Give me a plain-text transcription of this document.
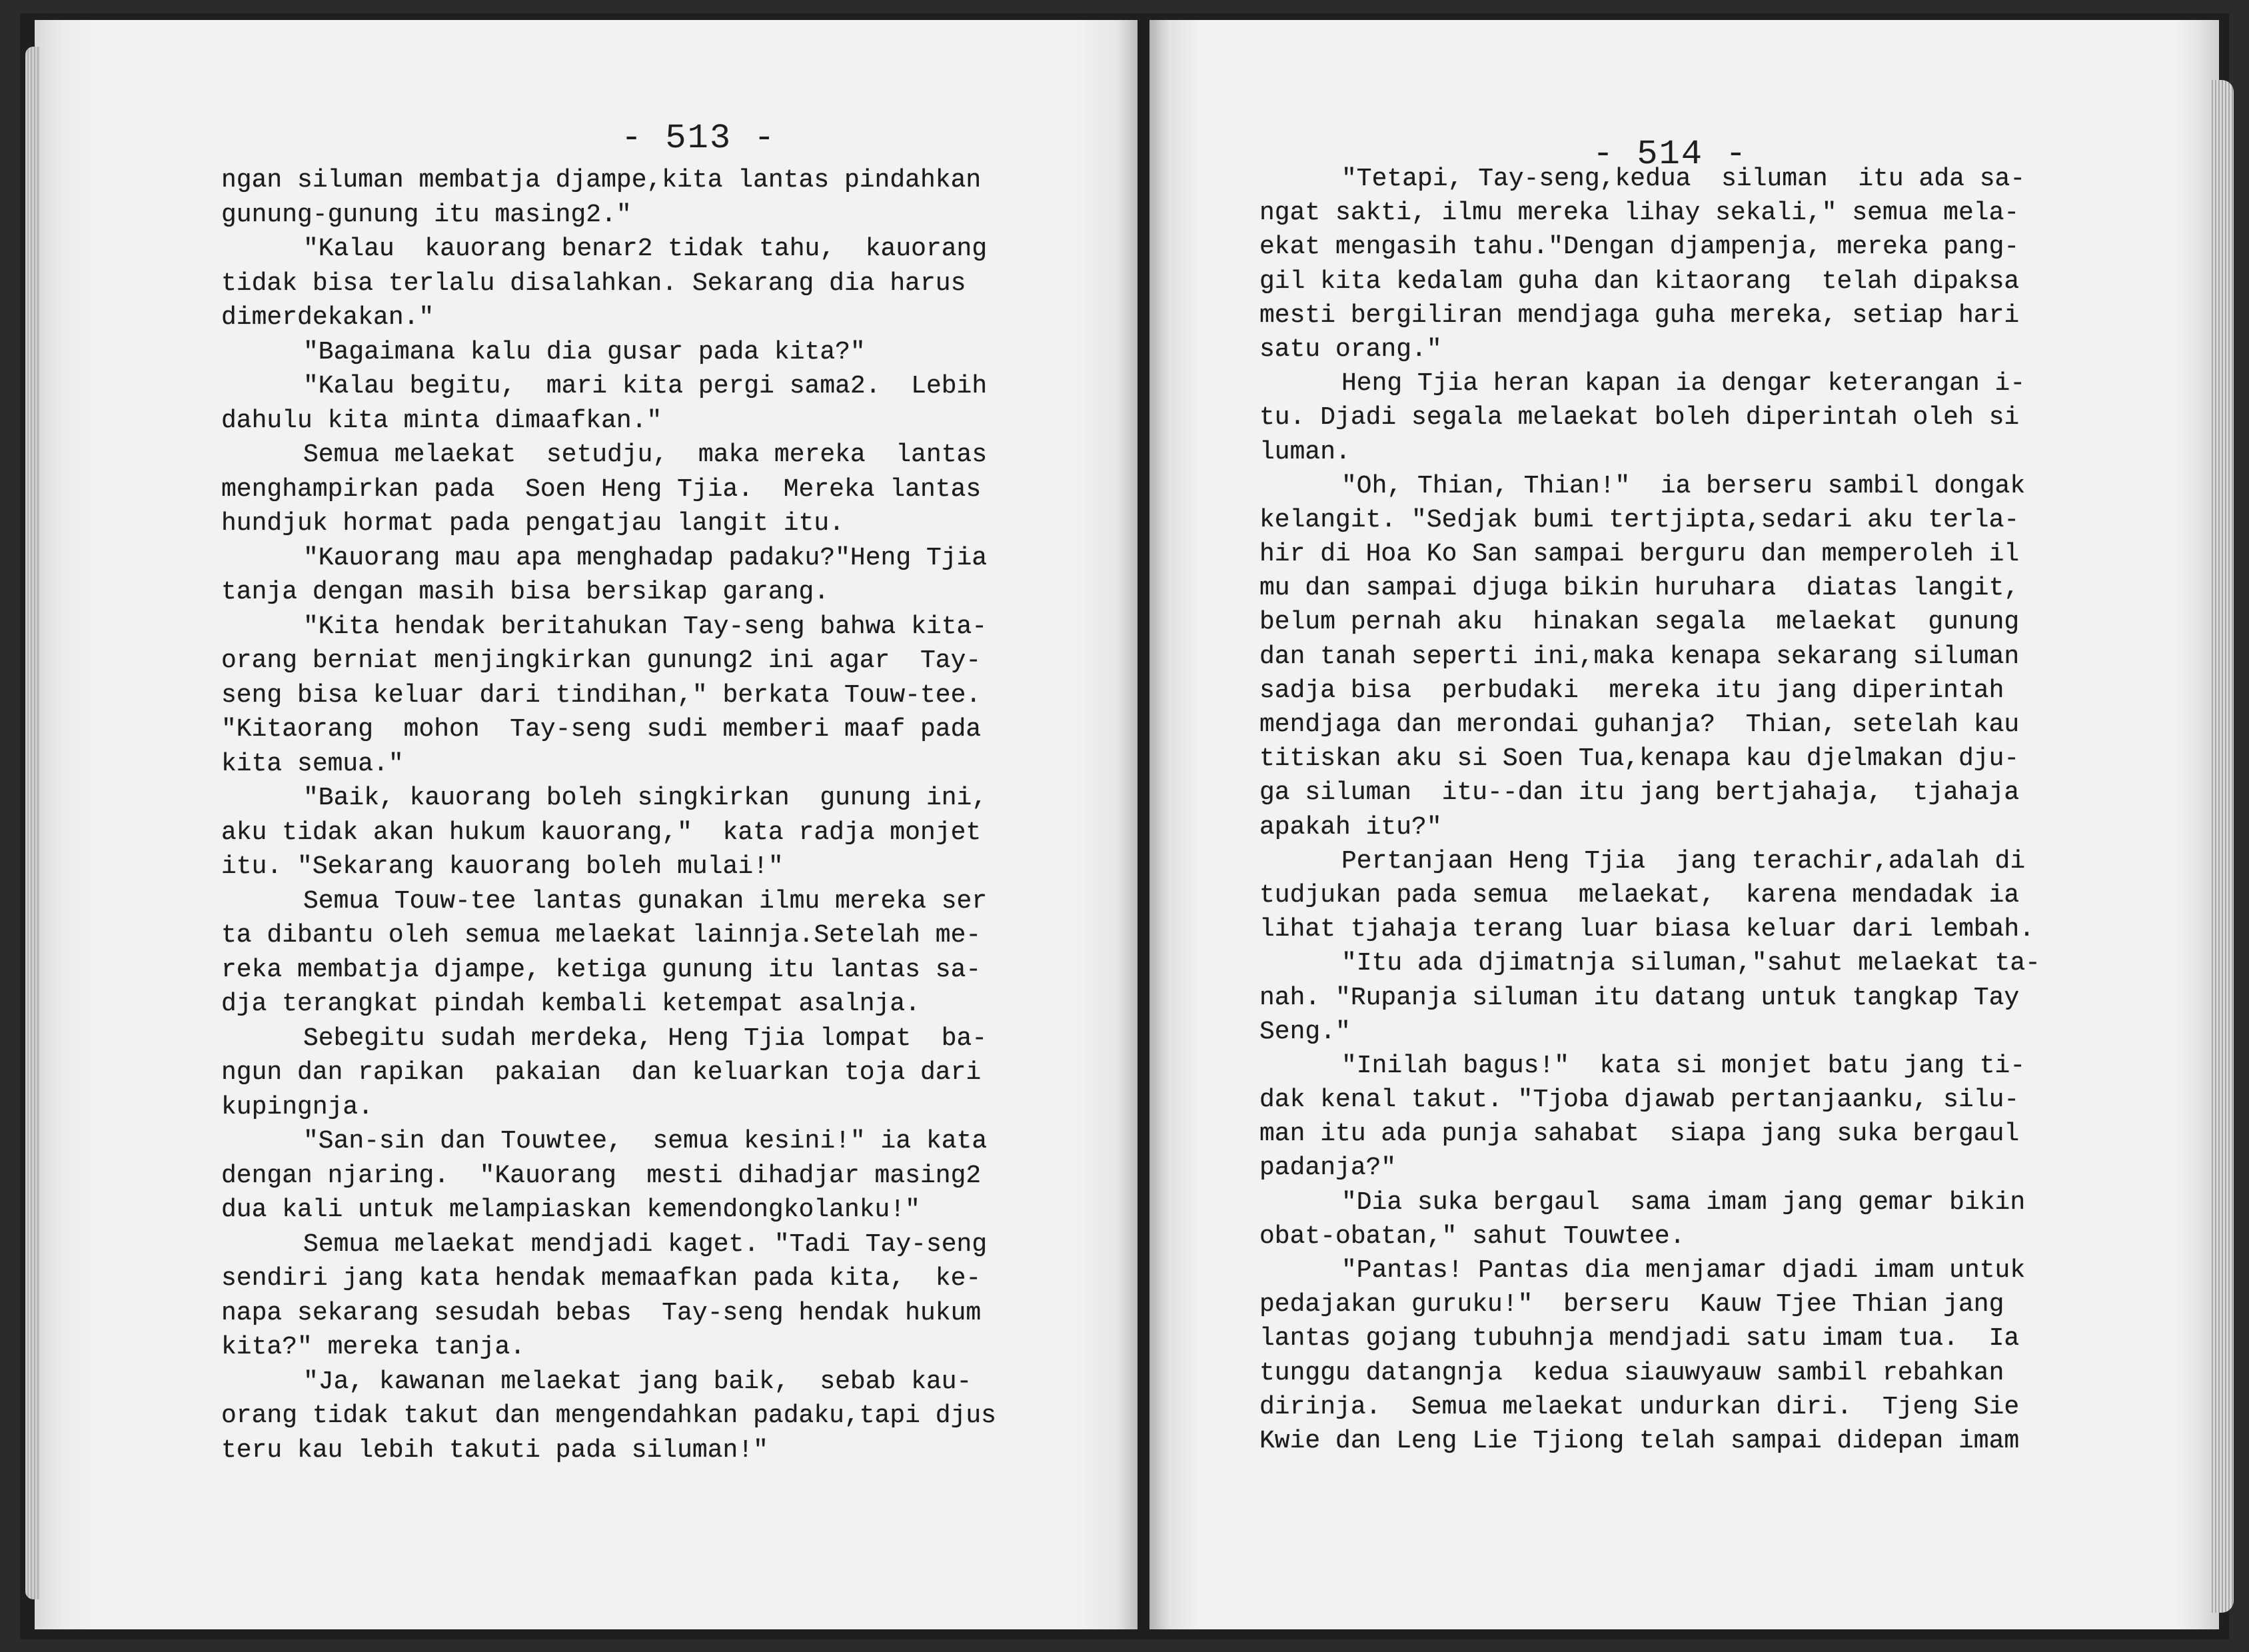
- 513 -
ngan siluman membatja djampe,kita lantas pindahkan
gunung-gunung itu masing2."
"Kalau  kauorang benar2 tidak tahu,  kauorang
tidak bisa terlalu disalahkan. Sekarang dia harus
dimerdekakan."
"Bagaimana kalu dia gusar pada kita?"
"Kalau begitu,  mari kita pergi sama2.  Lebih
dahulu kita minta dimaafkan."
Semua melaekat  setudju,  maka mereka  lantas
menghampirkan pada  Soen Heng Tjia.  Mereka lantas
hundjuk hormat pada pengatjau langit itu.
"Kauorang mau apa menghadap padaku?"Heng Tjia
tanja dengan masih bisa bersikap garang.
"Kita hendak beritahukan Tay-seng bahwa kita-
orang berniat menjingkirkan gunung2 ini agar  Tay-
seng bisa keluar dari tindihan," berkata Touw-tee.
"Kitaorang  mohon  Tay-seng sudi memberi maaf pada
kita semua."
"Baik, kauorang boleh singkirkan  gunung ini,
aku tidak akan hukum kauorang,"  kata radja monjet
itu. "Sekarang kauorang boleh mulai!"
Semua Touw-tee lantas gunakan ilmu mereka ser
ta dibantu oleh semua melaekat lainnja.Setelah me-
reka membatja djampe, ketiga gunung itu lantas sa-
dja terangkat pindah kembali ketempat asalnja.
Sebegitu sudah merdeka, Heng Tjia lompat  ba-
ngun dan rapikan  pakaian  dan keluarkan toja dari
kupingnja.
"San-sin dan Touwtee,  semua kesini!" ia kata
dengan njaring.  "Kauorang  mesti dihadjar masing2
dua kali untuk melampiaskan kemendongkolanku!"
Semua melaekat mendjadi kaget. "Tadi Tay-seng
sendiri jang kata hendak memaafkan pada kita,  ke-
napa sekarang sesudah bebas  Tay-seng hendak hukum
kita?" mereka tanja.
"Ja, kawanan melaekat jang baik,  sebab kau-
orang tidak takut dan mengendahkan padaku,tapi djus
teru kau lebih takuti pada siluman!"
- 514 -
"Tetapi, Tay-seng,kedua  siluman  itu ada sa-
ngat sakti, ilmu mereka lihay sekali," semua mela-
ekat mengasih tahu."Dengan djampenja, mereka pang-
gil kita kedalam guha dan kitaorang  telah dipaksa
mesti bergiliran mendjaga guha mereka, setiap hari
satu orang."
Heng Tjia heran kapan ia dengar keterangan i-
tu. Djadi segala melaekat boleh diperintah oleh si
luman.
"Oh, Thian, Thian!"  ia berseru sambil dongak
kelangit. "Sedjak bumi tertjipta,sedari aku terla-
hir di Hoa Ko San sampai berguru dan memperoleh il
mu dan sampai djuga bikin huruhara  diatas langit,
belum pernah aku  hinakan segala  melaekat  gunung
dan tanah seperti ini,maka kenapa sekarang siluman
sadja bisa  perbudaki  mereka itu jang diperintah
mendjaga dan merondai guhanja?  Thian, setelah kau
titiskan aku si Soen Tua,kenapa kau djelmakan dju-
ga siluman  itu--dan itu jang bertjahaja,  tjahaja
apakah itu?"
Pertanjaan Heng Tjia  jang terachir,adalah di
tudjukan pada semua  melaekat,  karena mendadak ia
lihat tjahaja terang luar biasa keluar dari lembah.
"Itu ada djimatnja siluman,"sahut melaekat ta-
nah. "Rupanja siluman itu datang untuk tangkap Tay
Seng."
"Inilah bagus!"  kata si monjet batu jang ti-
dak kenal takut. "Tjoba djawab pertanjaanku, silu-
man itu ada punja sahabat  siapa jang suka bergaul
padanja?"
"Dia suka bergaul  sama imam jang gemar bikin
obat-obatan," sahut Touwtee.
"Pantas! Pantas dia menjamar djadi imam untuk
pedajakan guruku!"  berseru  Kauw Tjee Thian jang
lantas gojang tubuhnja mendjadi satu imam tua.  Ia
tunggu datangnja  kedua siauwyauw sambil rebahkan
dirinja.  Semua melaekat undurkan diri.  Tjeng Sie
Kwie dan Leng Lie Tjiong telah sampai didepan imam
